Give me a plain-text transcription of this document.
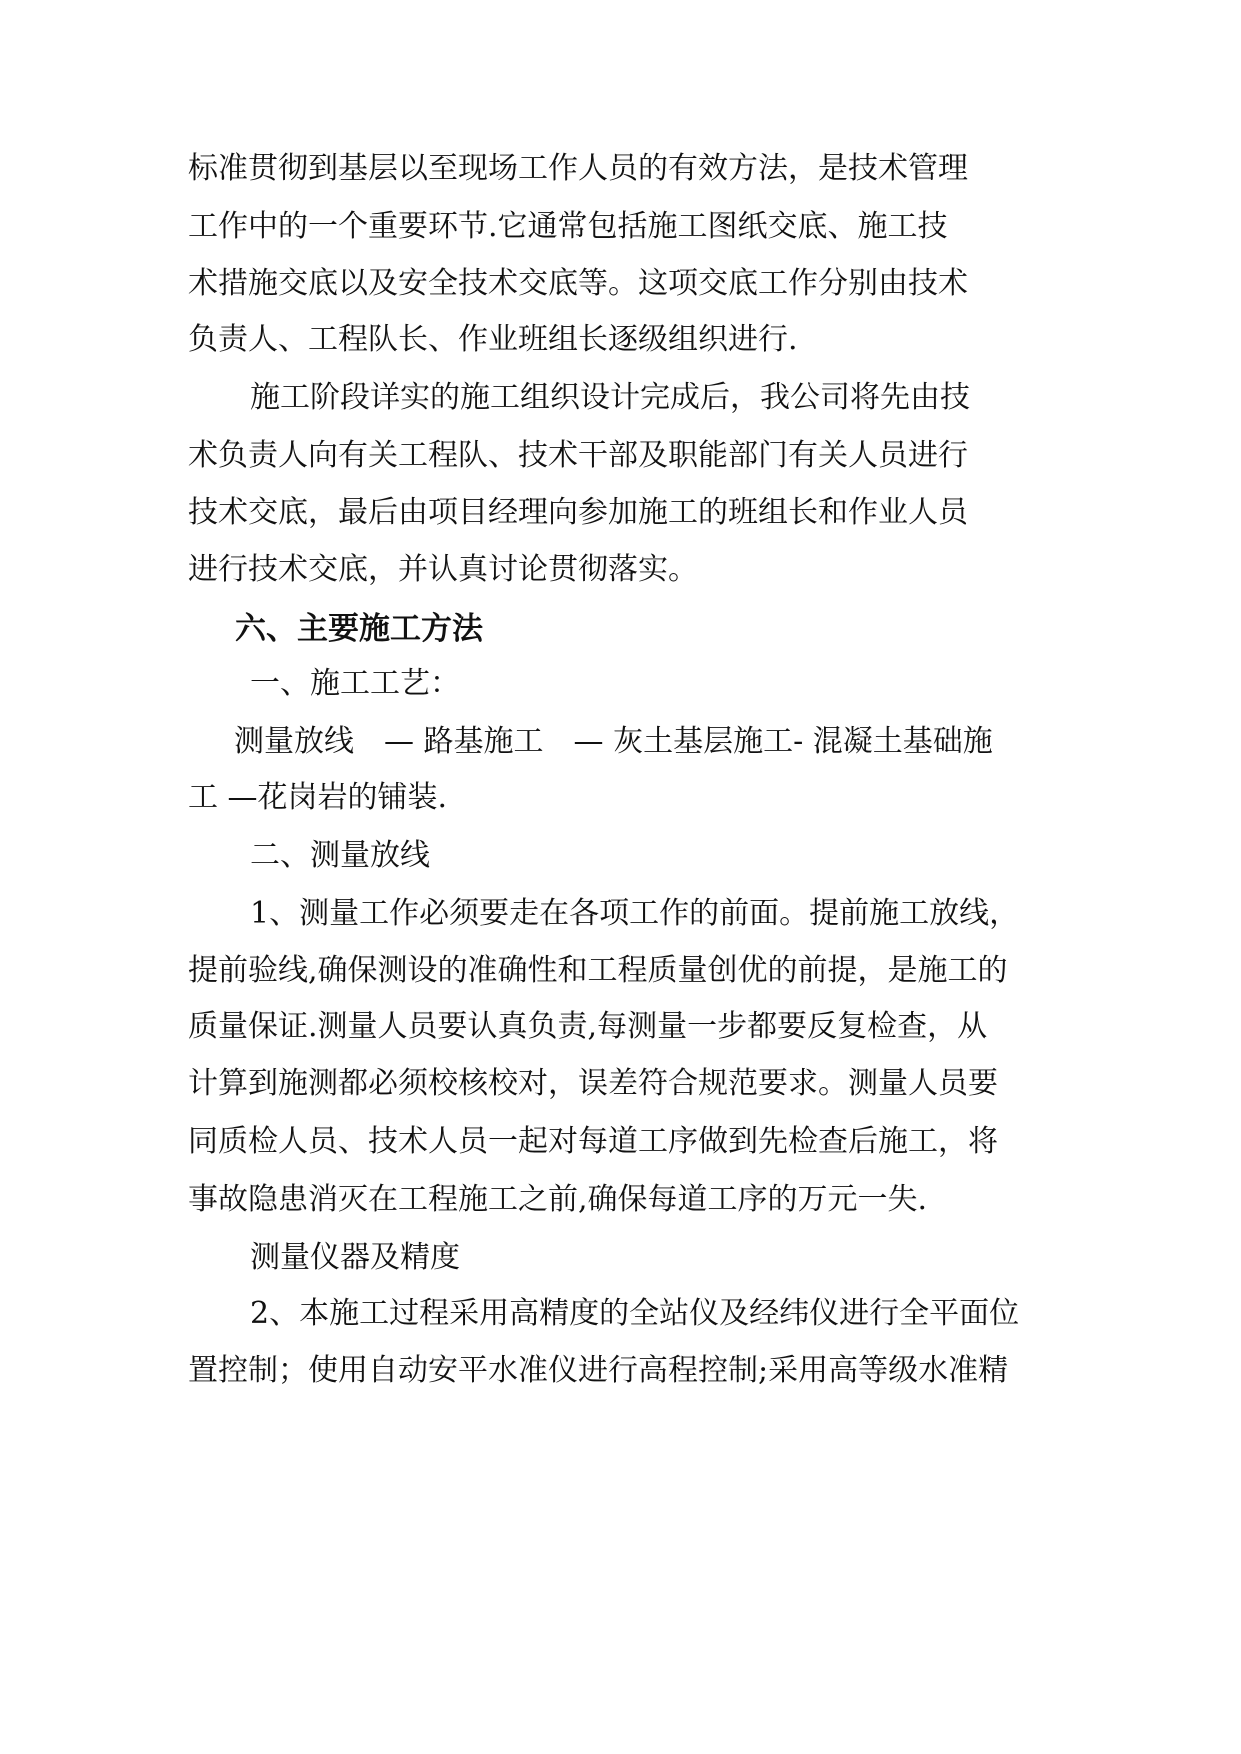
标准贯彻到基层以至现场工作人员的有效方法，是技术管理
工作中的一个重要环节.它通常包括施工图纸交底、施工技
术措施交底以及安全技术交底等。这项交底工作分别由技术
负责人、工程队长、作业班组长逐级组织进行.
施工阶段详实的施工组织设计完成后，我公司将先由技
术负责人向有关工程队、技术干部及职能部门有关人员进行
技术交底，最后由项目经理向参加施工的班组长和作业人员
进行技术交底，并认真讨论贯彻落实。
六、主要施工方法
一、施工工艺：
测量放线　— 路基施工　— 灰土基层施工- 混凝土基础施
工 —花岗岩的铺装.
二、测量放线
1、测量工作必须要走在各项工作的前面。提前施工放线，
提前验线,确保测设的准确性和工程质量创优的前提，是施工的
质量保证.测量人员要认真负责,每测量一步都要反复检查，从
计算到施测都必须校核校对，误差符合规范要求。测量人员要
同质检人员、技术人员一起对每道工序做到先检查后施工，将
事故隐患消灭在工程施工之前,确保每道工序的万元一失.
测量仪器及精度
2、本施工过程采用高精度的全站仪及经纬仪进行全平面位
置控制；使用自动安平水准仪进行高程控制;采用高等级水准精
